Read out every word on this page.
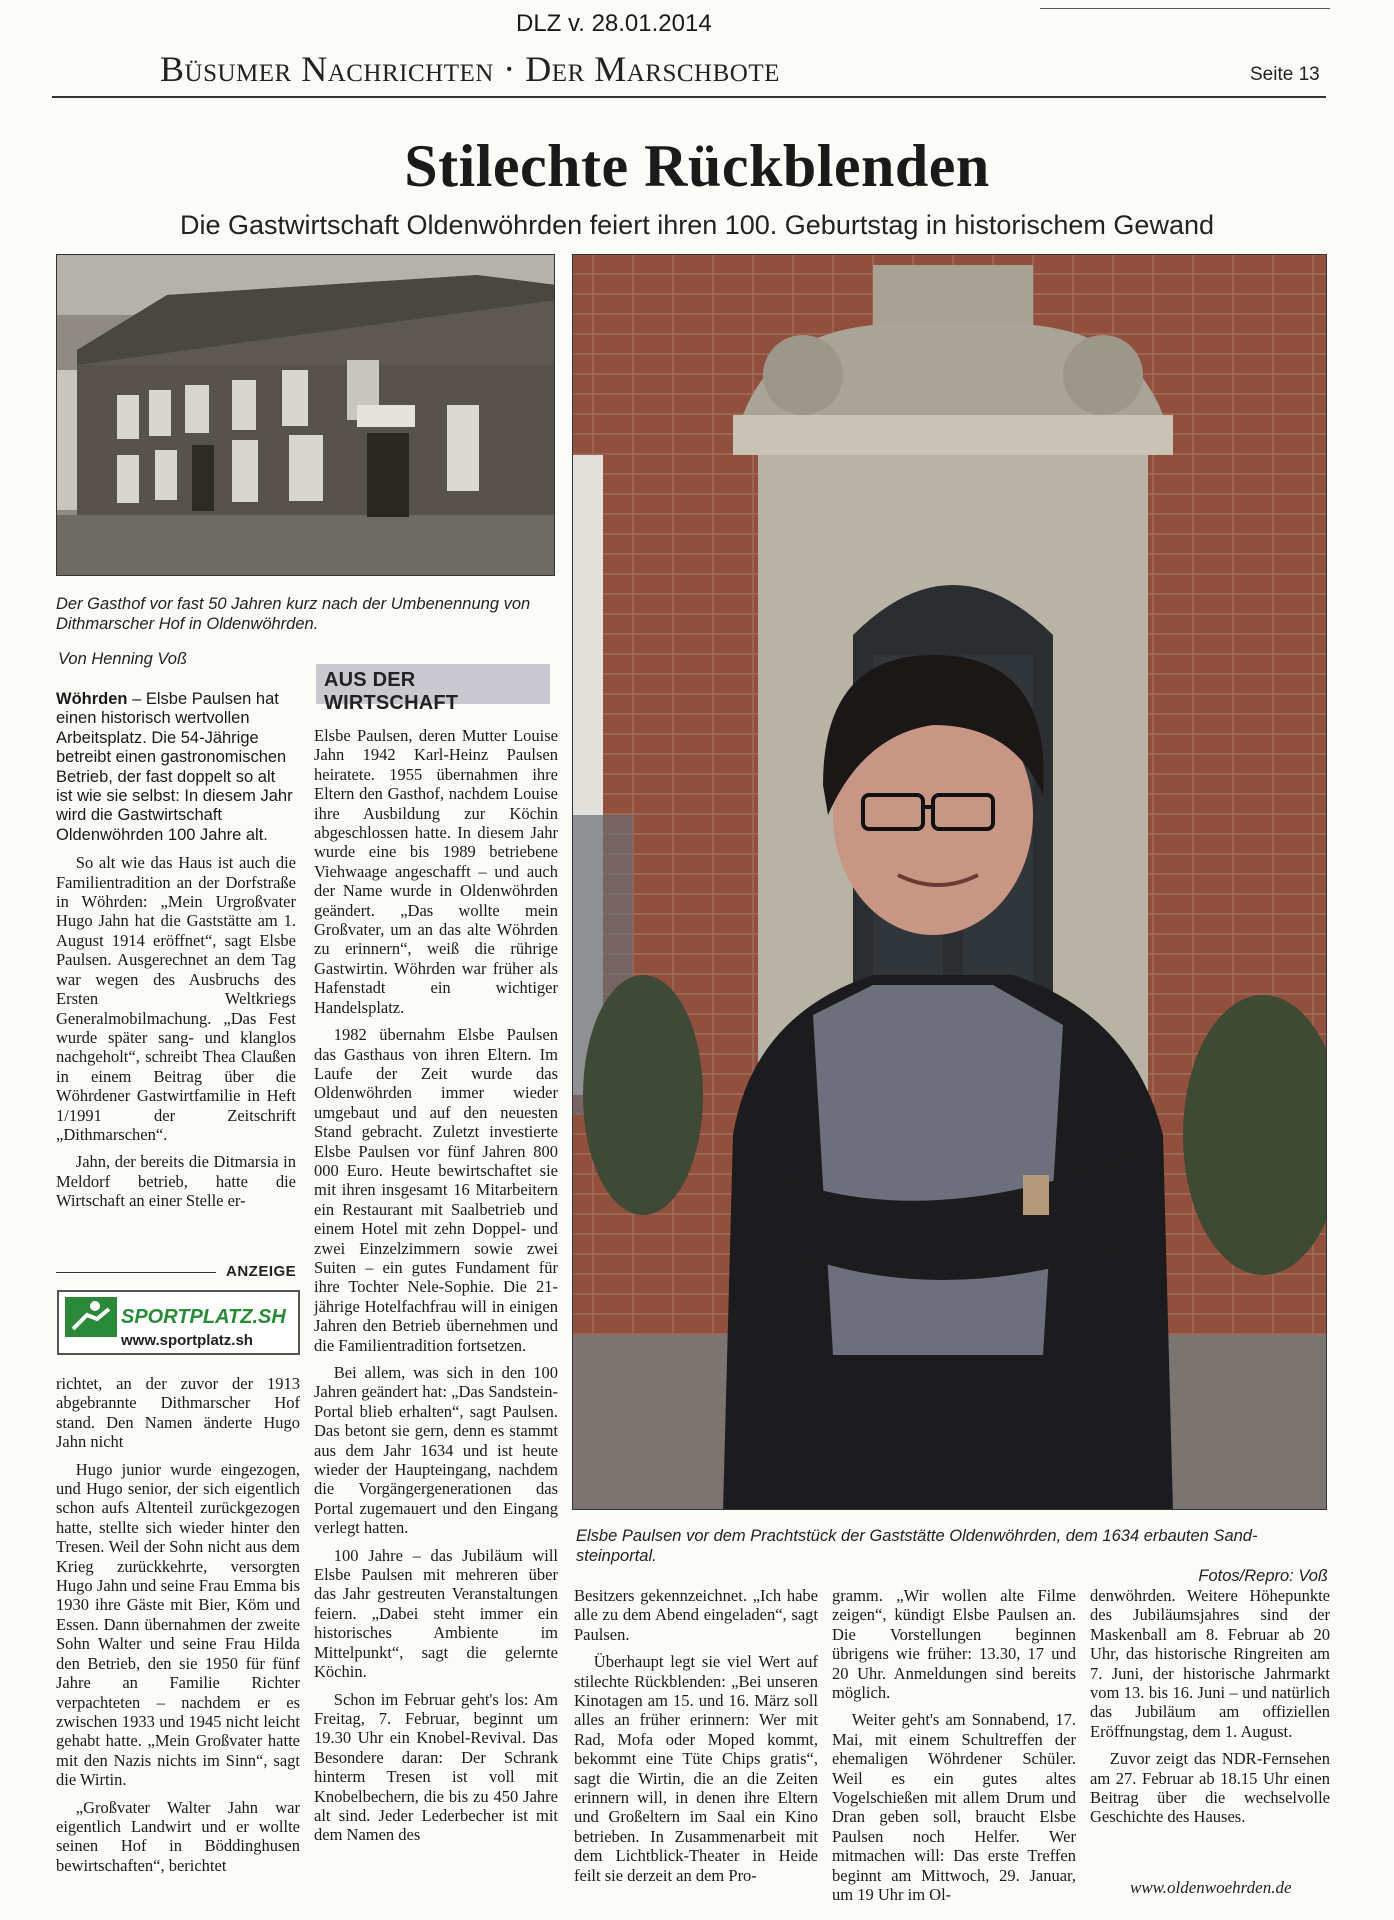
DLZ v. 28.01.2014
Büsumer Nachrichten · Der Marschbote	Seite 13
Stilechte Rückblenden
Die Gastwirtschaft Oldenwöhrden feiert ihren 100. Geburtstag in historischem Gewand
Der Gasthof vor fast 50 Jahren kurz nach der Umbenennung von Dithmarscher Hof in Oldenwöhrden.
Elsbe Paulsen vor dem Prachtstück der Gaststätte Oldenwöhrden, dem 1634 erbauten Sand-steinportal.
Fotos/Repro: Voß
Von Henning Voß
AUS DER WIRTSCHAFT

Wöhrden – Elsbe Paulsen hat einen historisch wertvollen Arbeitsplatz. Die 54-Jährige betreibt einen gastronomischen Betrieb, der fast doppelt so alt ist wie sie selbst: In diesem Jahr wird die Gastwirtschaft Oldenwöhrden 100 Jahre alt.

So alt wie das Haus ist auch die Familientradition an der Dorfstraße in Wöhrden: „Mein Urgroßvater Hugo Jahn hat die Gaststätte am 1. August 1914 eröffnet“, sagt Elsbe Paulsen. Ausgerechnet an dem Tag war wegen des Ausbruchs des Ersten Weltkriegs Generalmobilmachung. „Das Fest wurde später sang- und klanglos nachgeholt“, schreibt Thea Claußen in einem Beitrag über die Wöhrdener Gastwirtfamilie in Heft 1/1991 der Zeitschrift „Dithmarschen“.

Jahn, der bereits die Ditmarsia in Meldorf betrieb, hatte die Wirtschaft an einer Stelle er-

ANZEIGE
SPORTPLATZ.SH
www.sportplatz.sh

richtet, an der zuvor der 1913 abgebrannte Dithmarscher Hof stand. Den Namen änderte Hugo Jahn nicht

Hugo junior wurde eingezogen, und Hugo senior, der sich eigentlich schon aufs Altenteil zurückgezogen hatte, stellte sich wieder hinter den Tresen. Weil der Sohn nicht aus dem Krieg zurückkehrte, versorgten Hugo Jahn und seine Frau Emma bis 1930 ihre Gäste mit Bier, Köm und Essen. Dann übernahmen der zweite Sohn Walter und seine Frau Hilda den Betrieb, den sie 1950 für fünf Jahre an Familie Richter verpachteten – nachdem er es zwischen 1933 und 1945 nicht leicht gehabt hatte. „Mein Großvater hatte mit den Nazis nichts im Sinn“, sagt die Wirtin.

„Großvater Walter Jahn war eigentlich Landwirt und er wollte seinen Hof in Böddinghusen bewirtschaften“, berichtet

Elsbe Paulsen, deren Mutter Louise Jahn 1942 Karl-Heinz Paulsen heiratete. 1955 übernahmen ihre Eltern den Gasthof, nachdem Louise ihre Ausbildung zur Köchin abgeschlossen hatte. In diesem Jahr wurde eine bis 1989 betriebene Viehwaage angeschafft – und auch der Name wurde in Oldenwöhrden geändert. „Das wollte mein Großvater, um an das alte Wöhrden zu erinnern“, weiß die rührige Gastwirtin. Wöhrden war früher als Hafenstadt ein wichtiger Handelsplatz.

1982 übernahm Elsbe Paulsen das Gasthaus von ihren Eltern. Im Laufe der Zeit wurde das Oldenwöhrden immer wieder umgebaut und auf den neuesten Stand gebracht. Zuletzt investierte Elsbe Paulsen vor fünf Jahren 800 000 Euro. Heute bewirtschaftet sie mit ihren insgesamt 16 Mitarbeitern ein Restaurant mit Saalbetrieb und einem Hotel mit zehn Doppel- und zwei Einzelzimmern sowie zwei Suiten – ein gutes Fundament für ihre Tochter Nele-Sophie. Die 21-jährige Hotelfachfrau will in einigen Jahren den Betrieb übernehmen und die Familientradition fortsetzen.

Bei allem, was sich in den 100 Jahren geändert hat: „Das Sandstein-Portal blieb erhalten“, sagt Paulsen. Das betont sie gern, denn es stammt aus dem Jahr 1634 und ist heute wieder der Haupteingang, nachdem die Vorgängergenerationen das Portal zugemauert und den Eingang verlegt hatten.

100 Jahre – das Jubiläum will Elsbe Paulsen mit mehreren über das Jahr gestreuten Veranstaltungen feiern. „Dabei steht immer ein historisches Ambiente im Mittelpunkt“, sagt die gelernte Köchin.

Schon im Februar geht's los: Am Freitag, 7. Februar, beginnt um 19.30 Uhr ein Knobel-Revival. Das Besondere daran: Der Schrank hinterm Tresen ist voll mit Knobelbechern, die bis zu 450 Jahre alt sind. Jeder Lederbecher ist mit dem Namen des

Besitzers gekennzeichnet. „Ich habe alle zu dem Abend eingeladen“, sagt Paulsen.

Überhaupt legt sie viel Wert auf stilechte Rückblenden: „Bei unseren Kinotagen am 15. und 16. März soll alles an früher erinnern: Wer mit Rad, Mofa oder Moped kommt, bekommt eine Tüte Chips gratis“, sagt die Wirtin, die an die Zeiten erinnern will, in denen ihre Eltern und Großeltern im Saal ein Kino betrieben. In Zusammenarbeit mit dem Lichtblick-Theater in Heide feilt sie derzeit an dem Pro-

gramm. „Wir wollen alte Filme zeigen“, kündigt Elsbe Paulsen an. Die Vorstellungen beginnen übrigens wie früher: 13.30, 17 und 20 Uhr. Anmeldungen sind bereits möglich.

Weiter geht's am Sonnabend, 17. Mai, mit einem Schultreffen der ehemaligen Wöhrdener Schüler. Weil es ein gutes altes Vogelschießen mit allem Drum und Dran geben soll, braucht Elsbe Paulsen noch Helfer. Wer mitmachen will: Das erste Treffen beginnt am Mittwoch, 29. Januar, um 19 Uhr im Ol-

denwöhrden. Weitere Höhepunkte des Jubiläumsjahres sind der Maskenball am 8. Februar ab 20 Uhr, das historische Ringreiten am 7. Juni, der historische Jahrmarkt vom 13. bis 16. Juni – und natürlich das Jubiläum am offiziellen Eröffnungstag, dem 1. August.

Zuvor zeigt das NDR-Fernsehen am 27. Februar ab 18.15 Uhr einen Beitrag über die wechselvolle Geschichte des Hauses.

www.oldenwoehrden.de
